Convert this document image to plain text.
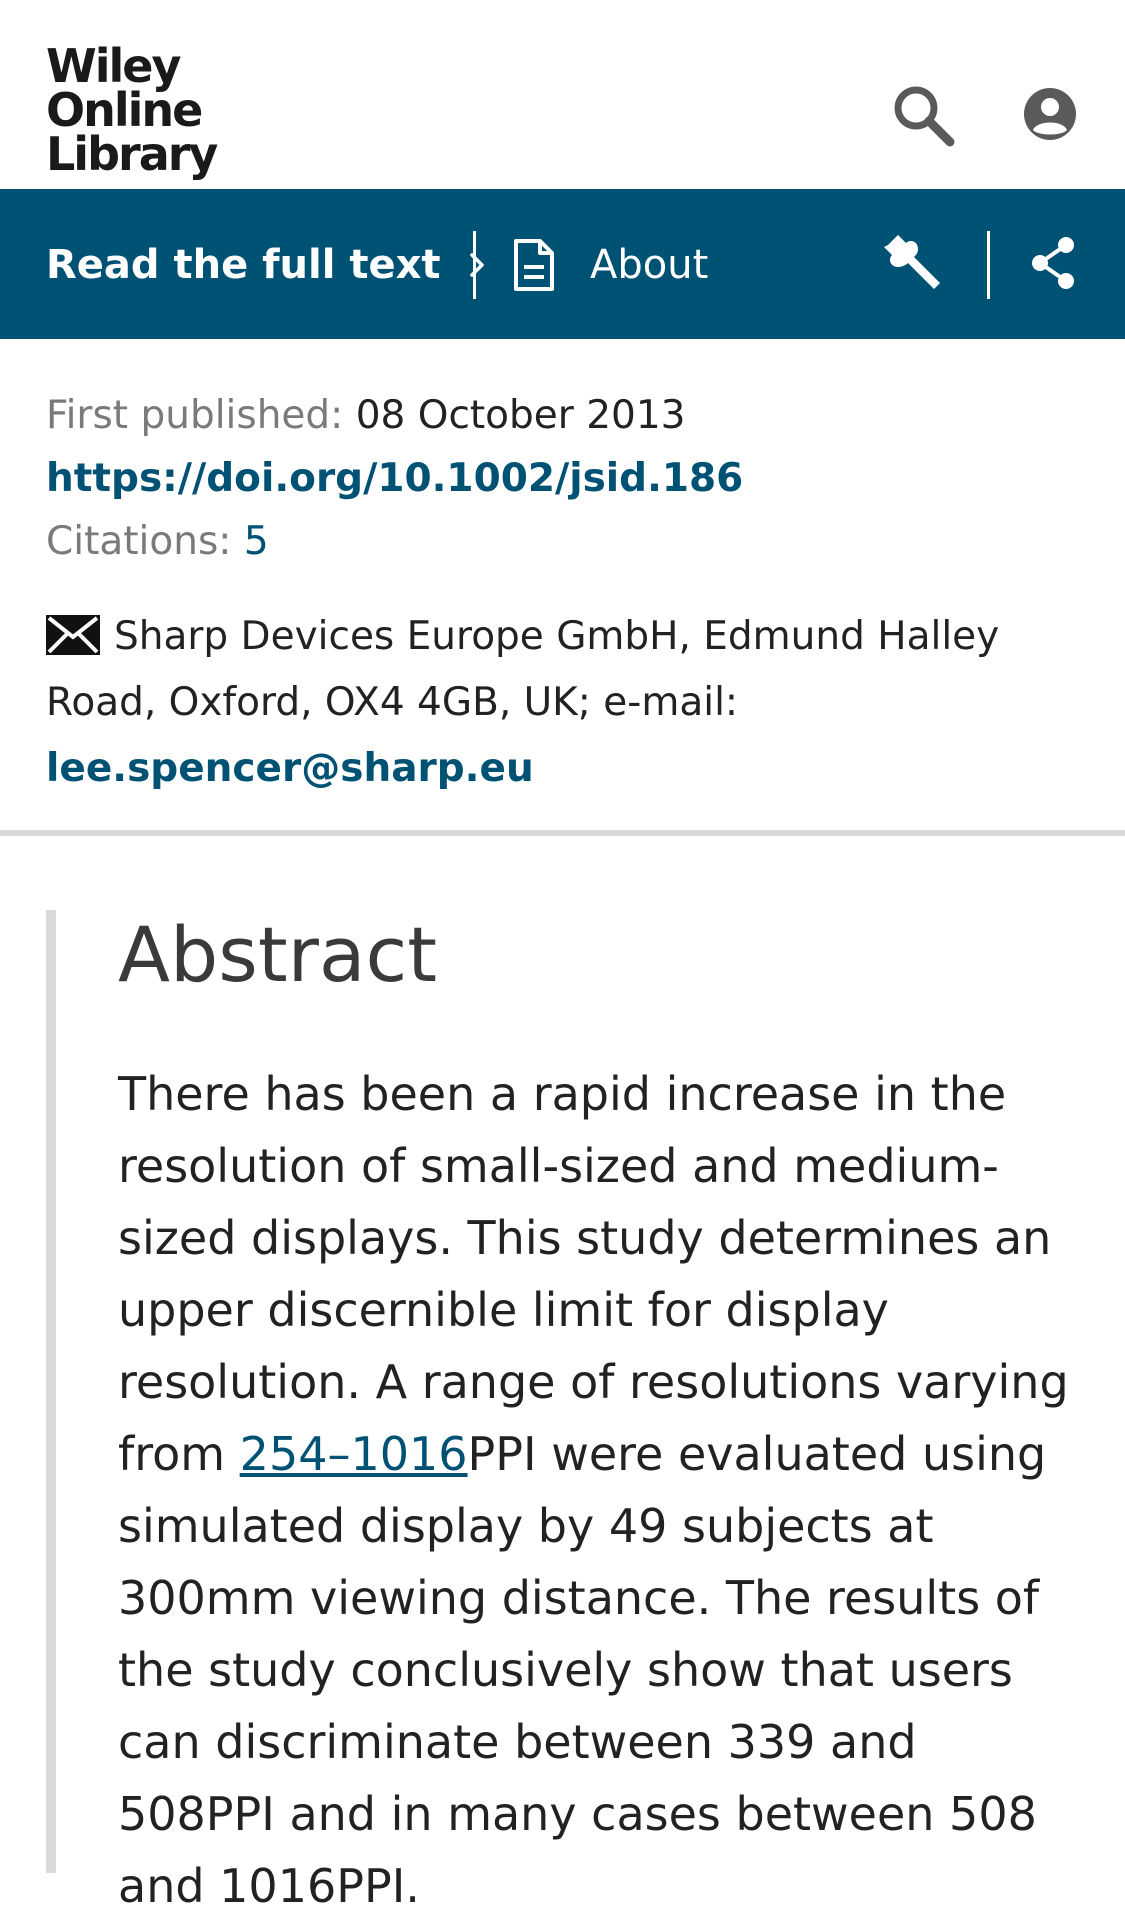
Wiley
Online
Library
Read the full text	About
First published: 08 October 2013
https://doi.org/10.1002/jsid.186
Citations: 5
Sharp Devices Europe GmbH, Edmund Halley Road, Oxford, OX4 4GB, UK; e-mail:
lee.spencer@sharp.eu
Abstract

There has been a rapid increase in the resolution of small-sized and medium-sized displays. This study determines an upper discernible limit for display resolution. A range of resolutions varying from 254–1016PPI were evaluated using simulated display by 49 subjects at 300mm viewing distance. The results of the study conclusively show that users can discriminate between 339 and 508PPI and in many cases between 508 and 1016PPI.
